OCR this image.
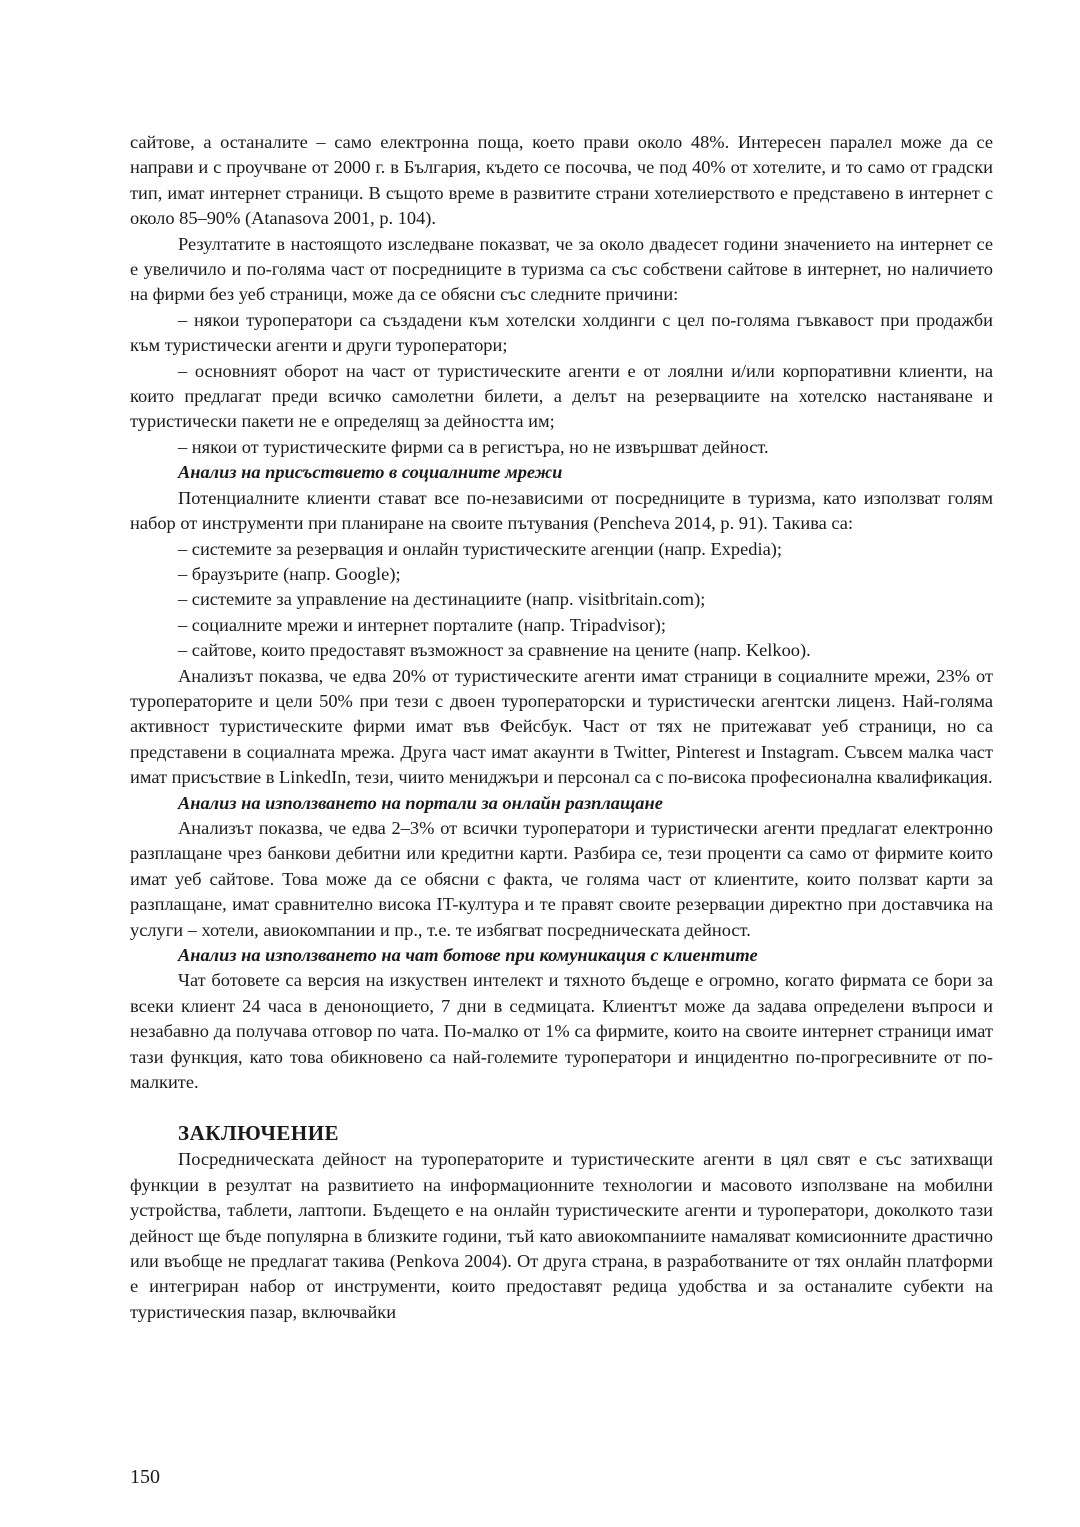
сайтове, а останалите – само електронна поща, което прави около 48%. Интересен паралел може да се направи и с проучване от 2000 г. в България, където се посочва, че под 40% от хотелите, и то само от градски тип, имат интернет страници. В същото време в развитите страни хотелиерството е представено в интернет с около 85–90% (Atanasova 2001, p. 104).

Резултатите в настоящото изследване показват, че за около двадесет години значението на интернет се е увеличило и по-голяма част от посредниците в туризма са със собствени сайтове в интернет, но наличието на фирми без уеб страници, може да се обясни със следните причини:

– някои туроператори са създадени към хотелски холдинги с цел по-голяма гъвкавост при продажби към туристически агенти и други туроператори;

– основният оборот на част от туристическите агенти е от лоялни и/или корпоративни клиенти, на които предлагат преди всичко самолетни билети, а делът на резервациите на хотелско настаняване и туристически пакети не е определящ за дейността им;

– някои от туристическите фирми са в регистъра, но не извършват дейност.

Анализ на присъствието в социалните мрежи

Потенциалните клиенти стават все по-независими от посредниците в туризма, като използват голям набор от инструменти при планиране на своите пътувания (Pencheva 2014, p. 91). Такива са:

– системите за резервация и онлайн туристическите агенции (напр. Expedia);

– браузърите (напр. Google);

– системите за управление на дестинациите (напр. visitbritain.com);

– социалните мрежи и интернет порталите (напр. Tripadvisor);

– сайтове, които предоставят възможност за сравнение на цените (напр. Kelkoo).

Анализът показва, че едва 20% от туристическите агенти имат страници в социалните мрежи, 23% от туроператорите и цели 50% при тези с двоен туроператорски и туристически агентски лиценз. Най-голяма активност туристическите фирми имат във Фейсбук. Част от тях не притежават уеб страници, но са представени в социалната мрежа. Друга част имат акаунти в Twitter, Pinterest и Instagram. Съвсем малка част имат присъствие в LinkedIn, тези, чиито мениджъри и персонал са с по-висока професионална квалификация.

Анализ на използването на портали за онлайн разплащане

Анализът показва, че едва 2–3% от всички туроператори и туристически агенти предлагат електронно разплащане чрез банкови дебитни или кредитни карти. Разбира се, тези проценти са само от фирмите които имат уеб сайтове. Това може да се обясни с факта, че голяма част от клиентите, които ползват карти за разплащане, имат сравнително висока IT-култура и те правят своите резервации директно при доставчика на услуги – хотели, авиокомпании и пр., т.е. те избягват посредническата дейност.

Анализ на използването на чат ботове при комуникация с клиентите

Чат ботовете са версия на изкуствен интелект и тяхното бъдеще е огромно, когато фирмата се бори за всеки клиент 24 часа в денонощието, 7 дни в седмицата. Клиентът може да задава определени въпроси и незабавно да получава отговор по чата. По-малко от 1% са фирмите, които на своите интернет страници имат тази функция, като това обикновено са най-големите туроператори и инцидентно по-прогресивните от по-малките.

ЗАКЛЮЧЕНИЕ

Посредническата дейност на туроператорите и туристическите агенти в цял свят е със затихващи функции в резултат на развитието на информационните технологии и масовото използване на мобилни устройства, таблети, лаптопи. Бъдещето е на онлайн туристическите агенти и туроператори, доколкото тази дейност ще бъде популярна в близките години, тъй като авиокомпаниите намаляват комисионните драстично или въобще не предлагат такива (Penkova 2004). От друга страна, в разработваните от тях онлайн платформи е интегриран набор от инструменти, които предоставят редица удобства и за останалите субекти на туристическия пазар, включвайки

150
